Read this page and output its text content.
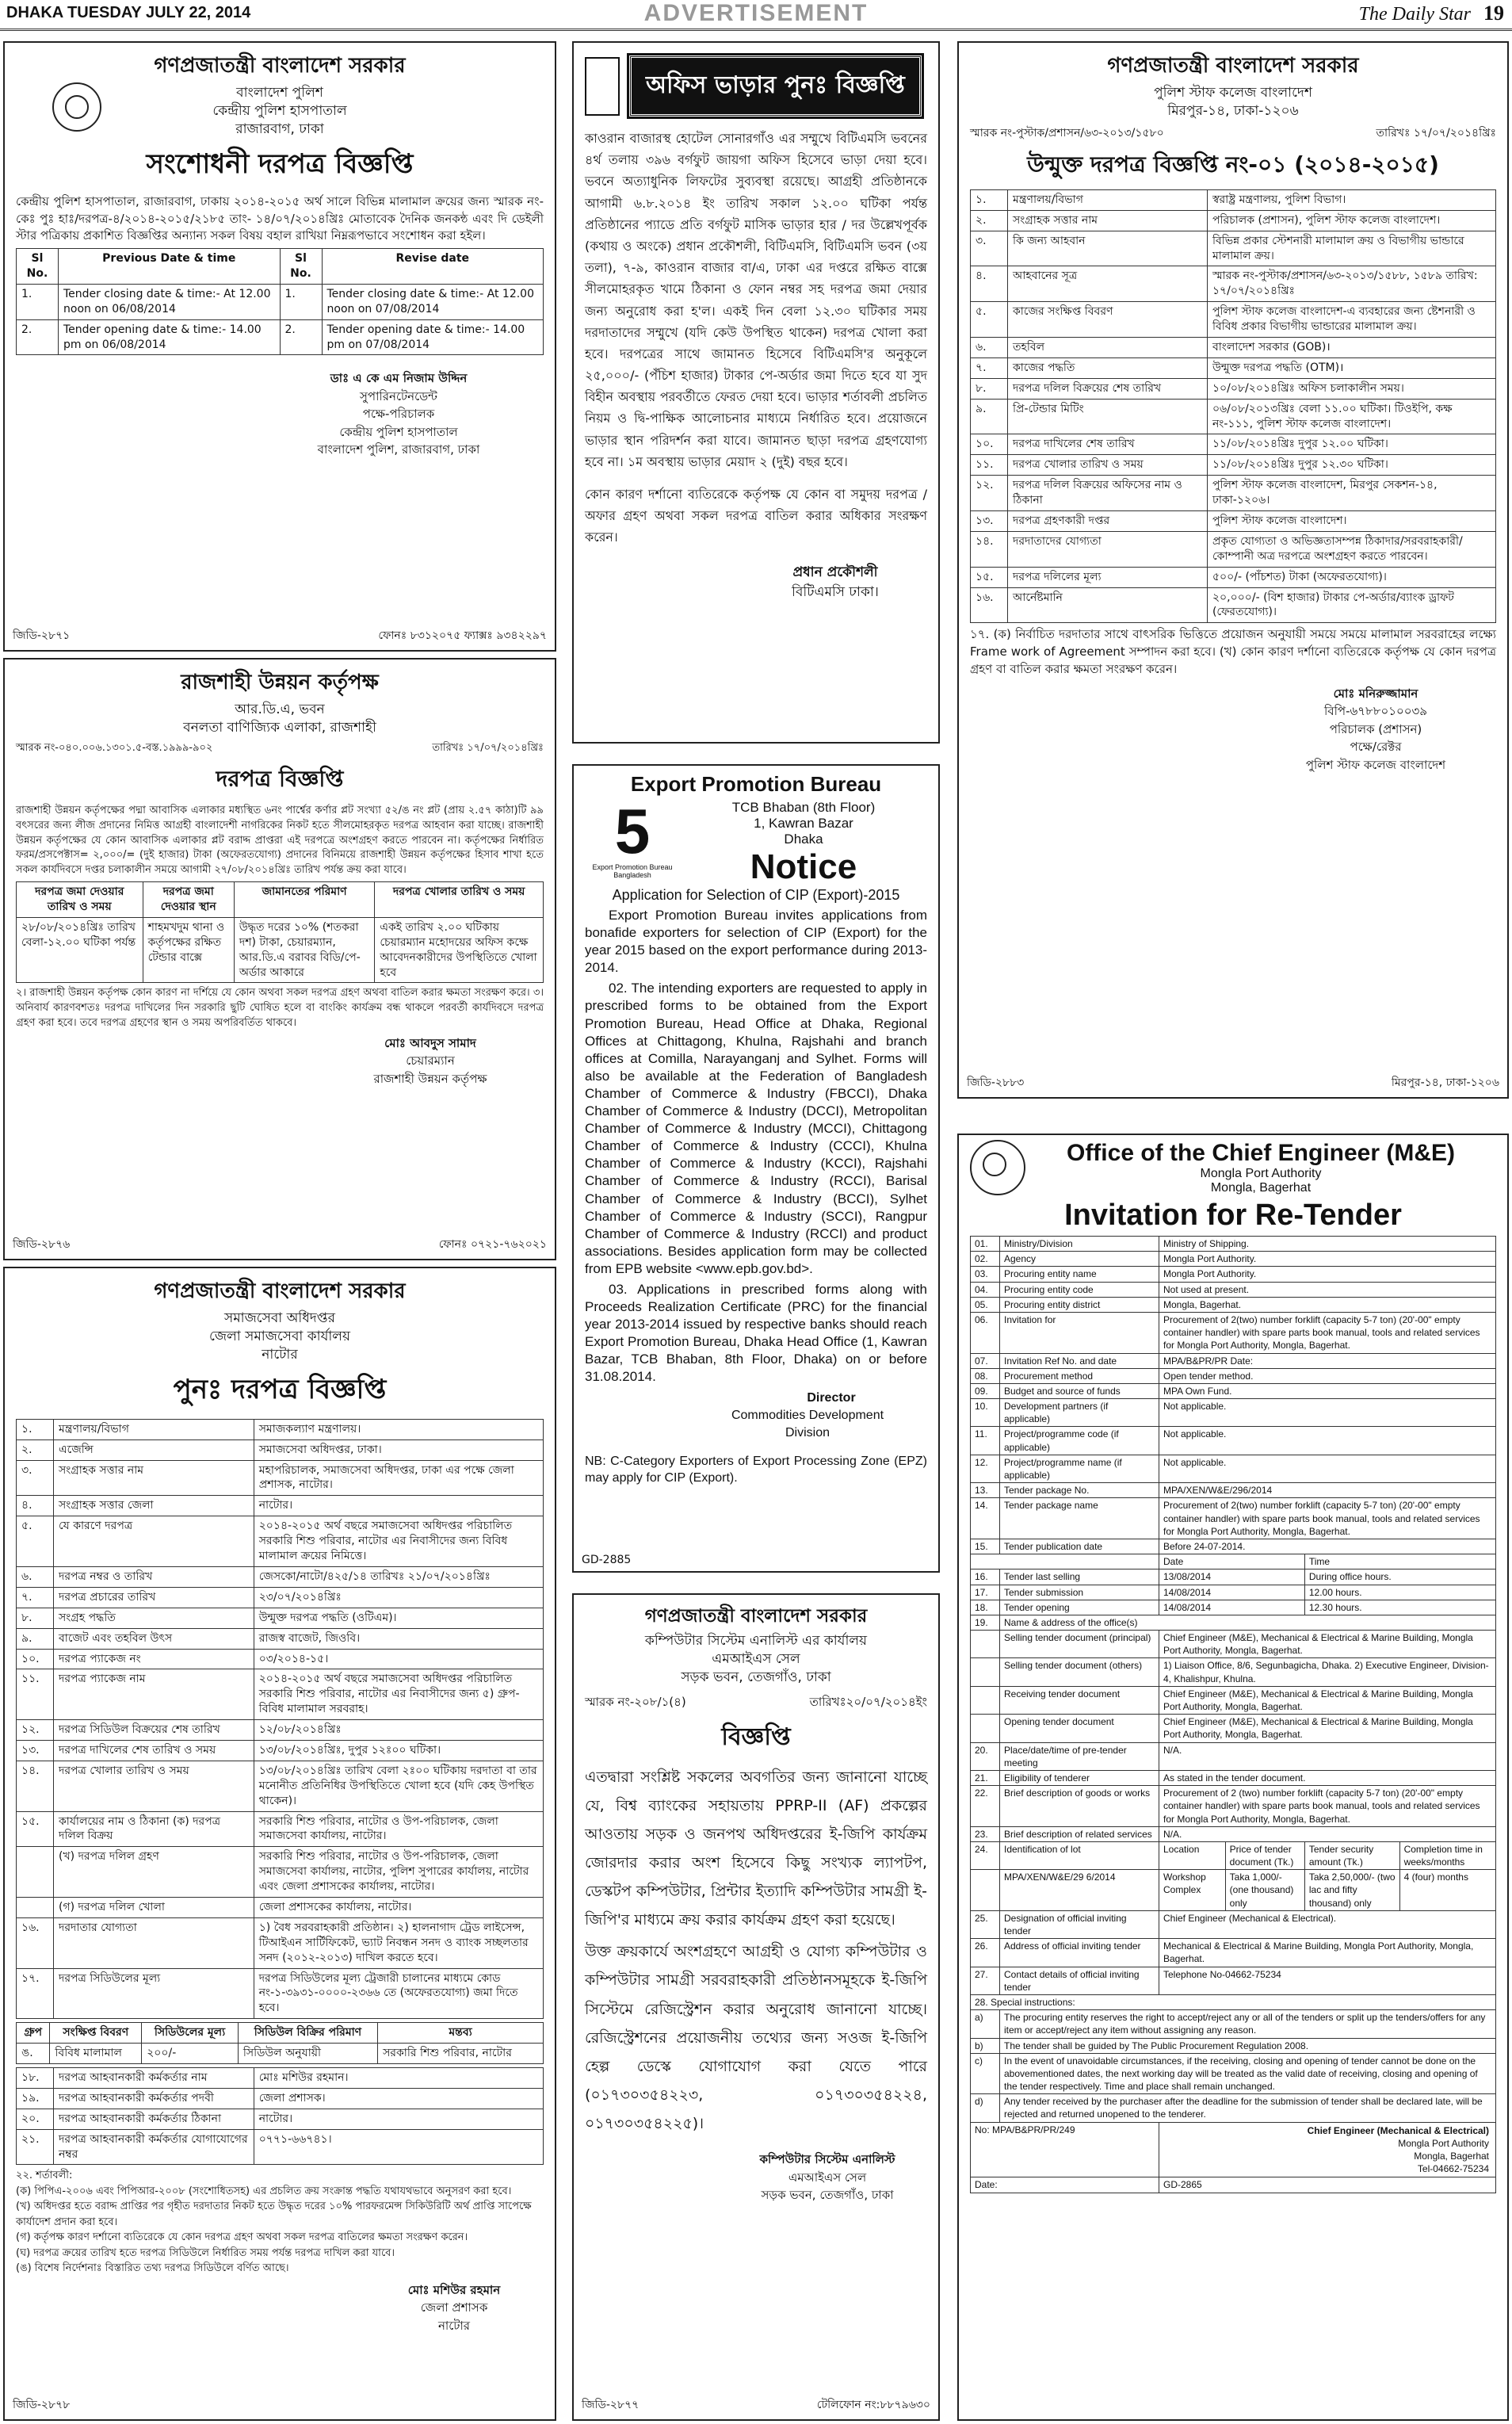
DHAKA TUESDAY JULY 22, 2014	ADVERTISEMENT	The Daily Star 19
গণপ্রজাতন্ত্রী বাংলাদেশ সরকার
বাংলাদেশ পুলিশ
কেন্দ্রীয় পুলিশ হাসপাতাল
রাজারবাগ, ঢাকা
সংশোধনী দরপত্র বিজ্ঞপ্তি

কেন্দ্রীয় পুলিশ হাসপাতাল, রাজারবাগ, ঢাকায় ২০১৪-২০১৫ অর্থ সালে বিভিন্ন মালামাল ক্রয়ের জন্য স্মারক নং- কেঃ পুঃ হাঃ/দরপত্র-৪/২০১৪-২০১৫/২১৮৫ তাং- ১৪/০৭/২০১৪খ্রিঃ মোতাবেক দৈনিক জনকন্ঠ এবং দি ডেইলী স্টার পত্রিকায় প্রকাশিত বিজ্ঞপ্তির অন্যান্য সকল বিষয় বহাল রাখিয়া নিম্নরূপভাবে সংশোধন করা হইল।

Sl No.	Previous Date & time	Sl No.	Revise date
1.	Tender closing date & time:- At 12.00 noon on 06/08/2014	1.	Tender closing date & time:- At 12.00 noon on 07/08/2014
2.	Tender opening date & time:- 14.00 pm on 06/08/2014	2.	Tender opening date & time:- 14.00 pm on 07/08/2014
ডাঃ এ কে এম নিজাম উদ্দিন
সুপারিনটেনডেন্ট
পক্ষে-পরিচালক
কেন্দ্রীয় পুলিশ হাসপাতাল
বাংলাদেশ পুলিশ, রাজারবাগ, ঢাকা
জিডি-২৮৭১	ফোনঃ ৮৩১২০৭৫ ফ্যাক্সঃ ৯৩৪২২৯৭
রাজশাহী উন্নয়ন কর্তৃপক্ষ
আর.ডি.এ, ভবন
বনলতা বাণিজ্যিক এলাকা, রাজশাহী
স্মারক নং-০৪০.০০৬.১৩০১.৫-বস্ত.১৯৯৯-৯০২	তারিখঃ ১৭/০৭/২০১৪খ্রিঃ
দরপত্র বিজ্ঞপ্তি

রাজশাহী উন্নয়ন কর্তৃপক্ষের পদ্মা আবাসিক এলাকার মধ্যস্থিত ৬নং পার্শ্বের কর্ণার প্লট সংখ্যা ৫২/ঙ নং প্লট (প্রায় ২.৫৭ কাঠা)টি ৯৯ বৎসরের জন্য লীজ প্রদানের নিমিত্ত আগ্রহী বাংলাদেশী নাগরিকের নিকট হতে সীলমোহরকৃত দরপত্র আহবান করা যাচ্ছে। রাজশাহী উন্নয়ন কর্তৃপক্ষের যে কোন আবাসিক এলাকার প্লট বরাদ্দ প্রাপ্তরা এই দরপত্রে অংশগ্রহণ করতে পারবেন না। কর্তৃপক্ষের নির্ধারিত ফরম/প্রসপেক্টাস= ২,০০০/= (দুই হাজার) টাকা (অফেরতযোগ্য) প্রদানের বিনিময়ে রাজশাহী উন্নয়ন কর্তৃপক্ষের হিসাব শাখা হতে সকল কার্যদিবসে দপ্তর চলাকালীন সময়ে আগামী ২৭/০৮/২০১৪খ্রিঃ তারিখ পর্যন্ত ক্রয় করা যাবে।

দরপত্র জমা দেওয়ার তারিখ ও সময়	দরপত্র জমা দেওয়ার স্থান	জামানতের পরিমাণ	দরপত্র খোলার তারিখ ও সময়
২৮/০৮/২০১৪খ্রিঃ তারিখ বেলা-১২.০০ ঘটিকা পর্যন্ত	শাহমখদুম থানা ও কর্তৃপক্ষের রক্ষিত টেন্ডার বাক্সে	উদ্ধৃত দরের ১০% (শতকরা দশ) টাকা, চেয়ারম্যান, আর.ডি.এ বরাবর বিডি/পে-অর্ডার আকারে	একই তারিখ ২.০০ ঘটিকায় চেয়ারম্যান মহোদয়ের অফিস কক্ষে আবেদনকারীদের উপস্থিতিতে খোলা হবে

২। রাজশাহী উন্নয়ন কর্তৃপক্ষ কোন কারণ না দর্শিয়ে যে কোন অথবা সকল দরপত্র গ্রহণ অথবা বাতিল করার ক্ষমতা সংরক্ষণ করে। ৩। অনিবার্য কারণবশতঃ দরপত্র দাখিলের দিন সরকারি ছুটি ঘোষিত হলে বা বাংকিং কার্যক্রম বন্ধ থাকলে পরবর্তী কার্যদিবসে দরপত্র গ্রহণ করা হবে। তবে দরপত্র গ্রহণের স্থান ও সময় অপরিবর্তিত থাকবে।

মোঃ আবদুস সামাদ
চেয়ারম্যান
রাজশাহী উন্নয়ন কর্তৃপক্ষ
জিডি-২৮৭৬	ফোনঃ ০৭২১-৭৬২০২১
গণপ্রজাতন্ত্রী বাংলাদেশ সরকার
সমাজসেবা অধিদপ্তর
জেলা সমাজসেবা কার্যালয়
নাটোর
পুনঃ দরপত্র বিজ্ঞপ্তি
১.	মন্ত্রণালয়/বিভাগ	সমাজকল্যাণ মন্ত্রণালয়।
২.	এজেন্সি	সমাজসেবা অধিদপ্তর, ঢাকা।
৩.	সংগ্রাহক সত্তার নাম	মহাপরিচালক, সমাজসেবা অধিদপ্তর, ঢাকা এর পক্ষে জেলা প্রশাসক, নাটোর।
৪.	সংগ্রাহক সত্তার জেলা	নাটোর।
৫.	যে কারণে দরপত্র	২০১৪-২০১৫ অর্থ বছরে সমাজসেবা অধিদপ্তর পরিচালিত সরকারি শিশু পরিবার, নাটোর এর নিবাসীদের জন্য বিবিধ মালামাল ক্রয়ের নিমিত্তে।
৬.	দরপত্র নম্বর ও তারিখ	জেসকো/নাটো/৪২৫/১৪ তারিখঃ ২১/০৭/২০১৪খ্রিঃ
৭.	দরপত্র প্রচারের তারিখ	২৩/০৭/২০১৪খ্রিঃ
৮.	সংগ্রহ পদ্ধতি	উন্মুক্ত দরপত্র পদ্ধতি (ওটিএম)।
৯.	বাজেট এবং তহবিল উৎস	রাজস্ব বাজেট, জিওবি।
১০.	দরপত্র প্যাকেজ নং	০৩/২০১৪-১৫।
১১.	দরপত্র প্যাকেজ নাম	২০১৪-২০১৫ অর্থ বছরে সমাজসেবা অধিদপ্তর পরিচালিত সরকারি শিশু পরিবার, নাটোর এর নিবাসীদের জন্য ৫) গ্রুপ-বিবিধ মালামাল সরবরাহ।
১২.	দরপত্র সিডিউল বিক্রয়ের শেষ তারিখ	১২/০৮/২০১৪খ্রিঃ
১৩.	দরপত্র দাখিলের শেষ তারিখ ও সময়	১৩/০৮/২০১৪খ্রিঃ, দুপুর ১২ঃ০০ ঘটিকা।
১৪.	দরপত্র খোলার তারিখ ও সময়	১৩/০৮/২০১৪খ্রিঃ তারিখ বেলা ২ঃ০০ ঘটিকায় দরদাতা বা তার মনোনীত প্রতিনিধির উপস্থিতিতে খোলা হবে (যদি কেহ উপস্থিত থাকেন)।
১৫.	কার্যালয়ের নাম ও ঠিকানা (ক) দরপত্র দলিল বিক্রয়	সরকারি শিশু পরিবার, নাটোর ও উপ-পরিচালক, জেলা সমাজসেবা কার্যালয়, নাটোর।
	(খ) দরপত্র দলিল গ্রহণ	সরকারি শিশু পরিবার, নাটোর ও উপ-পরিচালক, জেলা সমাজসেবা কার্যালয়, নাটোর, পুলিশ সুপারের কার্যালয়, নাটোর এবং জেলা প্রশাসকের কার্যালয়, নাটোর।
	(গ) দরপত্র দলিল খোলা	জেলা প্রশাসকের কার্যালয়, নাটোর।
১৬.	দরদাতার যোগ্যতা	১) বৈধ সরবরাহকারী প্রতিষ্ঠান। ২) হালনাগাদ ট্রেড লাইসেন্স, টিআইএন সার্টিফিকেট, ভ্যাট নিবন্ধন সনদ ও ব্যাংক সচ্ছলতার সনদ (২০১২-২০১৩) দাখিল করতে হবে।
১৭.	দরপত্র সিডিউলের মূল্য	দরপত্র সিডিউলের মূল্য ট্রেজারী চালানের মাধ্যমে কোড নং-১-৩৯৩১-০০০০-২৩৬৬ তে (অফেরতযোগ্য) জমা দিতে হবে।
গ্রুপ	সংক্ষিপ্ত বিবরণ	সিডিউলের মূল্য	সিডিউল বিক্রির পরিমাণ	মন্তব্য
ঙ.	বিবিধ মালামাল	২০০/-	সিডিউল অনুযায়ী	সরকারি শিশু পরিবার, নাটোর
১৮.	দরপত্র আহবানকারী কর্মকর্তার নাম	মোঃ মশিউর রহমান।
১৯.	দরপত্র আহবানকারী কর্মকর্তার পদবী	জেলা প্রশাসক।
২০.	দরপত্র আহবানকারী কর্মকর্তার ঠিকানা	নাটোর।
২১.	দরপত্র আহবানকারী কর্মকর্তার যোগাযোগের নম্বর	০৭৭১-৬৬৭৪১।
২২. শর্তাবলী:
(ক) পিপিএ-২০০৬ এবং পিপিআর-২০০৮ (সংশোধিতসহ) এর প্রচলিত ক্রয় সংক্রান্ত পদ্ধতি যথাযথভাবে অনুসরণ করা হবে।
(খ) অধিদপ্তর হতে বরাদ্দ প্রাপ্তির পর গৃহীত দরদাতার নিকট হতে উদ্ধৃত দরের ১০% পারফরমেন্স সিকিউরিটি অর্থ প্রাপ্তি সাপেক্ষে কার্যাদেশ প্রদান করা হবে।
(গ) কর্তৃপক্ষ কারণ দর্শানো ব্যতিরেকে যে কোন দরপত্র গ্রহণ অথবা সকল দরপত্র বাতিলের ক্ষমতা সংরক্ষণ করেন।
(ঘ) দরপত্র ক্রয়ের তারিখ হতে দরপত্র সিডিউলে নির্ধারিত সময় পর্যন্ত দরপত্র দাখিল করা যাবে।
(ঙ) বিশেষ নির্দেশনাঃ বিস্তারিত তথ্য দরপত্র সিডিউলে বর্ণিত আছে।
মোঃ মশিউর রহমান
জেলা প্রশাসক
নাটোর
জিডি-২৮৭৮
অফিস ভাড়ার পুনঃ বিজ্ঞপ্তি

কাওরান বাজারস্থ হোটেল সোনারগাঁও এর সম্মুখে বিটিএমসি ভবনের ৪র্থ তলায় ৩৯৬ বর্গফুট জায়গা অফিস হিসেবে ভাড়া দেয়া হবে। ভবনে অত্যাধুনিক লিফটের সুব্যবস্থা রয়েছে। আগ্রহী প্রতিষ্ঠানকে আগামী ৬.৮.২০১৪ ইং তারিখ সকাল ১২.০০ ঘটিকা পর্যন্ত প্রতিষ্ঠানের প্যাডে প্রতি বর্গফুট মাসিক ভাড়ার হার / দর উল্লেখপূর্বক (কথায় ও অংকে) প্রধান প্রকৌশলী, বিটিএমসি, বিটিএমসি ভবন (৩য় তলা), ৭-৯, কাওরান বাজার বা/এ, ঢাকা এর দপ্তরে রক্ষিত বাক্সে সীলমোহরকৃত খামে ঠিকানা ও ফোন নম্বর সহ দরপত্র জমা দেয়ার জন্য অনুরোধ করা হ'ল। একই দিন বেলা ১২.৩০ ঘটিকার সময় দরদাতাদের সম্মুখে (যদি কেউ উপস্থিত থাকেন) দরপত্র খোলা করা হবে। দরপত্রের সাথে জামানত হিসেবে বিটিএমসি'র অনুকূলে ২৫,০০০/- (পঁচিশ হাজার) টাকার পে-অর্ডার জমা দিতে হবে যা সুদ বিহীন অবস্থায় পরবর্তীতে ফেরত দেয়া হবে। ভাড়ার শর্তাবলী প্রচলিত নিয়ম ও দ্বি-পাক্ষিক আলোচনার মাধ্যমে নির্ধারিত হবে। প্রয়োজনে ভাড়ার স্থান পরিদর্শন করা যাবে। জামানত ছাড়া দরপত্র গ্রহণযোগ্য হবে না। ১ম অবস্থায় ভাড়ার মেয়াদ ২ (দুই) বছর হবে।

কোন কারণ দর্শানো ব্যতিরেকে কর্তৃপক্ষ যে কোন বা সমুদয় দরপত্র / অফার গ্রহণ অথবা সকল দরপত্র বাতিল করার অধিকার সংরক্ষণ করেন।

প্রধান প্রকৌশলী
বিটিএমসি ঢাকা।
Export Promotion Bureau
5
Export Promotion Bureau Bangladesh
TCB Bhaban (8th Floor)
1, Kawran Bazar
Dhaka
Notice
Application for Selection of CIP (Export)-2015

Export Promotion Bureau invites applications from bonafide exporters for selection of CIP (Export) for the year 2015 based on the export performance during 2013-2014.

02. The intending exporters are requested to apply in prescribed forms to be obtained from the Export Promotion Bureau, Head Office at Dhaka, Regional Offices at Chittagong, Khulna, Rajshahi and branch offices at Comilla, Narayanganj and Sylhet. Forms will also be available at the Federation of Bangladesh Chamber of Commerce & Industry (FBCCI), Dhaka Chamber of Commerce & Industry (DCCI), Metropolitan Chamber of Commerce & Industry (MCCI), Chittagong Chamber of Commerce & Industry (CCCI), Khulna Chamber of Commerce & Industry (KCCI), Rajshahi Chamber of Commerce & Industry (RCCI), Barisal Chamber of Commerce & Industry (BCCI), Sylhet Chamber of Commerce & Industry (SCCI), Rangpur Chamber of Commerce & Industry (RCCI) and product associations. Besides application form may be collected from EPB website <www.epb.gov.bd>.

03. Applications in prescribed forms along with Proceeds Realization Certificate (PRC) for the financial year 2013-2014 issued by respective banks should reach Export Promotion Bureau, Dhaka Head Office (1, Kawran Bazar, TCB Bhaban, 8th Floor, Dhaka) on or before 31.08.2014.

Director
Commodities Development Division

NB: C-Category Exporters of Export Processing Zone (EPZ) may apply for CIP (Export).

GD-2885
গণপ্রজাতন্ত্রী বাংলাদেশ সরকার
কম্পিউটার সিস্টেম এনালিস্ট এর কার্যালয়
এমআইএস সেল
সড়ক ভবন, তেজগাঁও, ঢাকা
স্মারক নং-২০৮/১(৪)	তারিখঃ২০/০৭/২০১৪ইং
বিজ্ঞপ্তি

এতদ্বারা সংশ্লিষ্ট সকলের অবগতির জন্য জানানো যাচ্ছে যে, বিশ্ব ব্যাংকের সহায়তায় PPRP-II (AF) প্রকল্পের আওতায় সড়ক ও জনপথ অধিদপ্তরের ই-জিপি কার্যক্রম জোরদার করার অংশ হিসেবে কিছু সংখ্যক ল্যাপটপ, ডেস্কটপ কম্পিউটার, প্রিন্টার ইত্যাদি কম্পিউটার সামগ্রী ই-জিপি'র মাধ্যমে ক্রয় করার কার্যক্রম গ্রহণ করা হয়েছে।

উক্ত ক্রয়কার্যে অংশগ্রহণে আগ্রহী ও যোগ্য কম্পিউটার ও কম্পিউটার সামগ্রী সরবরাহকারী প্রতিষ্ঠানসমূহকে ই-জিপি সিস্টেমে রেজিস্ট্রেশন করার অনুরোধ জানানো যাচ্ছে। রেজিস্ট্রেশনের প্রয়োজনীয় তথ্যের জন্য সওজ ই-জিপি হেল্প ডেস্কে যোগাযোগ করা যেতে পারে (০১৭৩০৩৫৪২২৩, ০১৭৩০৩৫৪২২৪, ০১৭৩০৩৫৪২২৫)।

কম্পিউটার সিস্টেম এনালিস্ট
এমআইএস সেল
সড়ক ভবন, তেজগাঁও, ঢাকা
জিডি-২৮৭৭	টেলিফোন নং:৮৮৭৯৬৩০
গণপ্রজাতন্ত্রী বাংলাদেশ সরকার
পুলিশ স্টাফ কলেজ বাংলাদেশ
মিরপুর-১৪, ঢাকা-১২০৬
স্মারক নং-পুস্টাক/প্রশাসন/৬৩-২০১৩/১৫৮০	তারিখঃ ১৭/০৭/২০১৪খ্রিঃ
উন্মুক্ত দরপত্র বিজ্ঞপ্তি নং-০১ (২০১৪-২০১৫)
১.	মন্ত্রণালয়/বিভাগ	স্বরাষ্ট্র মন্ত্রণালয়, পুলিশ বিভাগ।
২.	সংগ্রাহক সত্তার নাম	পরিচালক (প্রশাসন), পুলিশ স্টাফ কলেজ বাংলাদেশ।
৩.	কি জন্য আহবান	বিভিন্ন প্রকার স্টেশনারী মালামাল ক্রয় ও বিভাগীয় ভান্ডারে মালামাল ক্রয়।
৪.	আহবানের সূত্র	স্মারক নং-পুস্টাক/প্রশাসন/৬৩-২০১৩/১৫৮৮, ১৫৮৯ তারিখ: ১৭/০৭/২০১৪খ্রিঃ
৫.	কাজের সংক্ষিপ্ত বিবরণ	পুলিশ স্টাফ কলেজ বাংলাদেশ-এ ব্যবহারের জন্য ষ্টেশনারী ও বিবিধ প্রকার বিভাগীয় ভান্ডারের মালামাল ক্রয়।
৬.	তহবিল	বাংলাদেশ সরকার (GOB)।
৭.	কাজের পদ্ধতি	উন্মুক্ত দরপত্র পদ্ধতি (OTM)।
৮.	দরপত্র দলিল বিক্রয়ের শেষ তারিখ	১০/০৮/২০১৪খ্রিঃ অফিস চলাকালীন সময়।
৯.	প্রি-টেন্ডার মিটিং	০৬/০৮/২০১৩খ্রিঃ বেলা ১১.০০ ঘটিকা। টিওইপি, কক্ষ নং-১১১, পুলিশ স্টাফ কলেজ বাংলাদেশ।
১০.	দরপত্র দাখিলের শেষ তারিখ	১১/০৮/২০১৪খ্রিঃ দুপুর ১২.০০ ঘটিকা।
১১.	দরপত্র খোলার তারিখ ও সময়	১১/০৮/২০১৪খ্রিঃ দুপুর ১২.৩০ ঘটিকা।
১২.	দরপত্র দলিল বিক্রয়ের অফিসের নাম ও ঠিকানা	পুলিশ স্টাফ কলেজ বাংলাদেশ, মিরপুর সেকশন-১৪, ঢাকা-১২০৬।
১৩.	দরপত্র গ্রহণকারী দপ্তর	পুলিশ স্টাফ কলেজ বাংলাদেশ।
১৪.	দরদাতাদের যোগ্যতা	প্রকৃত যোগ্যতা ও অভিজ্ঞতাসম্পন্ন ঠিকাদার/সরবরাহকারী/কোম্পানী অত্র দরপত্রে অংশগ্রহণ করতে পারবেন।
১৫.	দরপত্র দলিলের মূল্য	৫০০/- (পাঁচশত) টাকা (অফেরতযোগ্য)।
১৬.	আর্নেষ্টমানি	২০,০০০/- (বিশ হাজার) টাকার পে-অর্ডার/ব্যাংক ড্রাফট (ফেরতযোগ্য)।

১৭. (ক) নির্বাচিত দরদাতার সাথে বাৎসরিক ভিত্তিতে প্রয়োজন অনুযায়ী সময়ে সময়ে মালামাল সরবরাহের লক্ষ্যে Frame work of Agreement সম্পাদন করা হবে। (খ) কোন কারণ দর্শানো ব্যতিরেকে কর্তৃপক্ষ যে কোন দরপত্র গ্রহণ বা বাতিল করার ক্ষমতা সংরক্ষণ করেন।

মোঃ মনিরুজ্জামান
বিপি-৬৭৮৮০১০০৩৯
পরিচালক (প্রশাসন)
পক্ষে/রেক্টর
পুলিশ স্টাফ কলেজ বাংলাদেশ
জিডি-২৮৮৩	মিরপুর-১৪, ঢাকা-১২০৬
Office of the Chief Engineer (M&E)
Mongla Port Authority
Mongla, Bagerhat
Invitation for Re-Tender
01.	Ministry/Division	Ministry of Shipping.			
02.	Agency	Mongla Port Authority.			
03.	Procuring entity name	Mongla Port Authority.			
04.	Procuring entity code	Not used at present.			
05.	Procuring entity district	Mongla, Bagerhat.			
06.	Invitation for	Procurement of 2(two) number forklift (capacity 5-7 ton) (20'-00" empty container handler) with spare parts book manual, tools and related services for Mongla Port Authority, Mongla, Bagerhat.			
07.	Invitation Ref No. and date	MPA/B&PR/PR Date:			
08.	Procurement method	Open tender method.			
09.	Budget and source of funds	MPA Own Fund.			
10.	Development partners (if applicable)	Not applicable.			
11.	Project/programme code (if applicable)	Not applicable.			
12.	Project/programme name (if applicable)	Not applicable.			
13.	Tender package No.	MPA/XEN/W&E/296/2014			
14.	Tender package name	Procurement of 2(two) number forklift (capacity 5-7 ton) (20'-00" empty container handler) with spare parts book manual, tools and related services for Mongla Port Authority, Mongla, Bagerhat.			
15.	Tender publication date	Before 24-07-2014.			
		Date		Time	
16.	Tender last selling	13/08/2014		During office hours.	
17.	Tender submission	14/08/2014		12.00 hours.	
18.	Tender opening	14/08/2014		12.30 hours.	
19.	Name & address of the office(s)				
	Selling tender document (principal)	Chief Engineer (M&E), Mechanical & Electrical & Marine Building, Mongla Port Authority, Mongla, Bagerhat.			
	Selling tender document (others)	1) Liaison Office, 8/6, Segunbagicha, Dhaka. 2) Executive Engineer, Division-4, Khalishpur, Khulna.			
	Receiving tender document	Chief Engineer (M&E), Mechanical & Electrical & Marine Building, Mongla Port Authority, Mongla, Bagerhat.			
	Opening tender document	Chief Engineer (M&E), Mechanical & Electrical & Marine Building, Mongla Port Authority, Mongla, Bagerhat.			
20.	Place/date/time of pre-tender meeting	N/A.			
21.	Eligibility of tenderer	As stated in the tender document.			
22.	Brief description of goods or works	Procurement of 2 (two) number forklift (capacity 5-7 ton) (20'-00" empty container handler) with spare parts book manual, tools and related services for Mongla Port Authority, Mongla, Bagerhat.			
23.	Brief description of related services	N/A.			
24.	Identification of lot	Location	Price of tender document (Tk.)	Tender security amount (Tk.)	Completion time in weeks/months
	MPA/XEN/W&E/29 6/2014	Workshop Complex	Taka 1,000/- (one thousand) only	Taka 2,50,000/- (two lac and fifty thousand) only	4 (four) months
25.	Designation of official inviting tender	Chief Engineer (Mechanical & Electrical).			
26.	Address of official inviting tender	Mechanical & Electrical & Marine Building, Mongla Port Authority, Mongla, Bagerhat.			
27.	Contact details of official inviting tender	Telephone No-04662-75234			
28. Special instructions:					
a)	The procuring entity reserves the right to accept/reject any or all of the tenders or split up the tenders/offers for any item or accept/reject any item without assigning any reason.				
b)	The tender shall be guided by The Public Procurement Regulation 2008.				
c)	In the event of unavoidable circumstances, if the receiving, closing and opening of tender cannot be done on the abovementioned dates, the next working day will be treated as the valid date of receiving, closing and opening of the tender respectively. Time and place shall remain unchanged.				
d)	Any tender received by the purchaser after the deadline for the submission of tender shall be declared late, will be rejected and returned unopened to the tenderer.				
No: MPA/B&PR/PR/249		Chief Engineer (Mechanical & Electrical)
Mongla Port Authority
Mongla, Bagerhat
Tel-04662-75234			

Date:		GD-2865			
